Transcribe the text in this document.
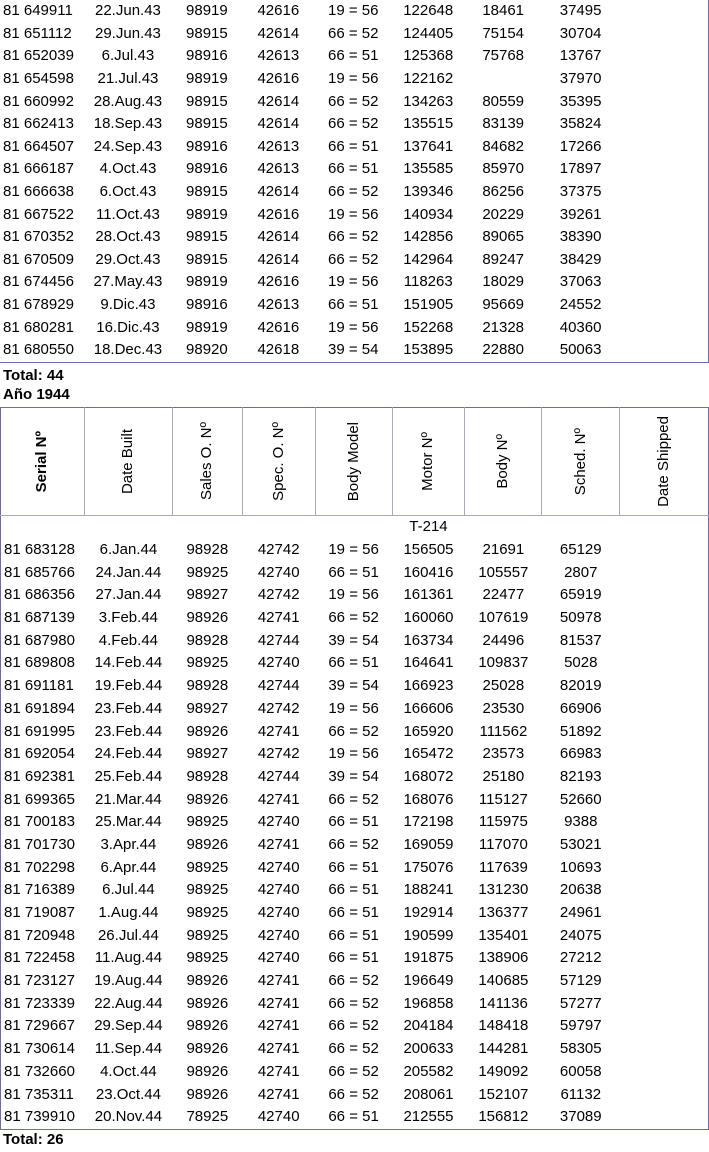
81 649911	22.Jun.43	98919	42616	19 = 56	122648	18461	37495	
81 651112	29.Jun.43	98915	42614	66 = 52	124405	75154	30704	
81 652039	6.Jul.43	98916	42613	66 = 51	125368	75768	13767	
81 654598	21.Jul.43	98919	42616	19 = 56	122162		37970	
81 660992	28.Aug.43	98915	42614	66 = 52	134263	80559	35395	
81 662413	18.Sep.43	98915	42614	66 = 52	135515	83139	35824	
81 664507	24.Sep.43	98916	42613	66 = 51	137641	84682	17266	
81 666187	4.Oct.43	98916	42613	66 = 51	135585	85970	17897	
81 666638	6.Oct.43	98915	42614	66 = 52	139346	86256	37375	
81 667522	11.Oct.43	98919	42616	19 = 56	140934	20229	39261	
81 670352	28.Oct.43	98915	42614	66 = 52	142856	89065	38390	
81 670509	29.Oct.43	98915	42614	66 = 52	142964	89247	38429	
81 674456	27.May.43	98919	42616	19 = 56	118263	18029	37063	
81 678929	9.Dic.43	98916	42613	66 = 51	151905	95669	24552	
81 680281	16.Dic.43	98919	42616	19 = 56	152268	21328	40360	
81 680550	18.Dec.43	98920	42618	39 = 54	153895	22880	50063	
Total: 44
Año 1944
Serial Nº	Date Built	Sales O. Nº	Spec. O. Nº	Body Model	Motor Nº	Body Nº	Sched. Nº	Date Shipped

					T-214			
81 683128	6.Jan.44	98928	42742	19 = 56	156505	21691	65129	
81 685766	24.Jan.44	98925	42740	66 = 51	160416	105557	2807	
81 686356	27.Jan.44	98927	42742	19 = 56	161361	22477	65919	
81 687139	3.Feb.44	98926	42741	66 = 52	160060	107619	50978	
81 687980	4.Feb.44	98928	42744	39 = 54	163734	24496	81537	
81 689808	14.Feb.44	98925	42740	66 = 51	164641	109837	5028	
81 691181	19.Feb.44	98928	42744	39 = 54	166923	25028	82019	
81 691894	23.Feb.44	98927	42742	19 = 56	166606	23530	66906	
81 691995	23.Feb.44	98926	42741	66 = 52	165920	111562	51892	
81 692054	24.Feb.44	98927	42742	19 = 56	165472	23573	66983	
81 692381	25.Feb.44	98928	42744	39 = 54	168072	25180	82193	
81 699365	21.Mar.44	98926	42741	66 = 52	168076	115127	52660	
81 700183	25.Mar.44	98925	42740	66 = 51	172198	115975	9388	
81 701730	3.Apr.44	98926	42741	66 = 52	169059	117070	53021	
81 702298	6.Apr.44	98925	42740	66 = 51	175076	117639	10693	
81 716389	6.Jul.44	98925	42740	66 = 51	188241	131230	20638	
81 719087	1.Aug.44	98925	42740	66 = 51	192914	136377	24961	
81 720948	26.Jul.44	98925	42740	66 = 51	190599	135401	24075	
81 722458	11.Aug.44	98925	42740	66 = 51	191875	138906	27212	
81 723127	19.Aug.44	98926	42741	66 = 52	196649	140685	57129	
81 723339	22.Aug.44	98926	42741	66 = 52	196858	141136	57277	
81 729667	29.Sep.44	98926	42741	66 = 52	204184	148418	59797	
81 730614	11.Sep.44	98926	42741	66 = 52	200633	144281	58305	
81 732660	4.Oct.44	98926	42741	66 = 52	205582	149092	60058	
81 735311	23.Oct.44	98926	42741	66 = 52	208061	152107	61132	
81 739910	20.Nov.44	78925	42740	66 = 51	212555	156812	37089	
Total: 26
